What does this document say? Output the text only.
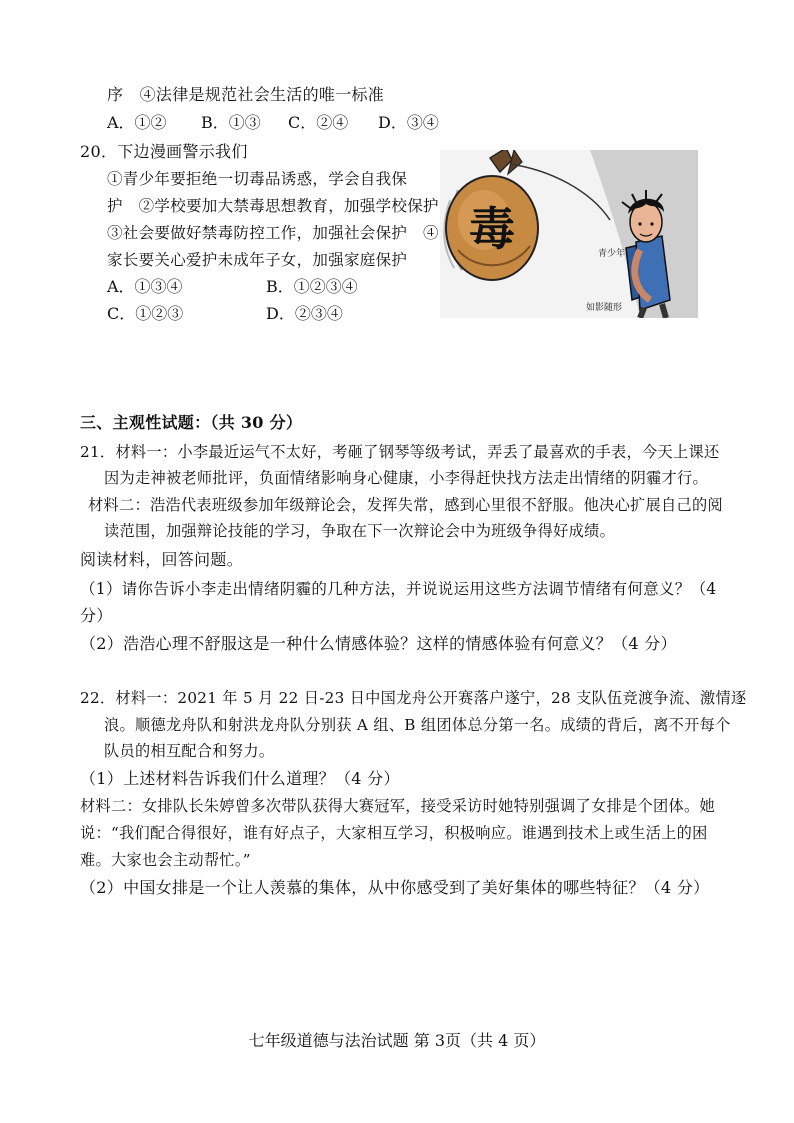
序　④法律是规范社会生活的唯一标准
A．①② B．①③ C．②④ D．③④
20．下边漫画警示我们
①青少年要拒绝一切毒品诱惑，学会自我保
护　②学校要加大禁毒思想教育，加强学校保护
③社会要做好禁毒防控工作，加强社会保护　④
家长要关心爱护未成年子女，加强家庭保护
A．①③④	B．①②③④
C．①②③	D．②③④
毒	青少年
如影随形
三、主观性试题：（共 30 分）
21．材料一：小李最近运气不太好，考砸了钢琴等级考试，弄丢了最喜欢的手表，今天上课还
因为走神被老师批评，负面情绪影响身心健康，小李得赶快找方法走出情绪的阴霾才行。
材料二：浩浩代表班级参加年级辩论会，发挥失常，感到心里很不舒服。他决心扩展自己的阅
读范围，加强辩论技能的学习，争取在下一次辩论会中为班级争得好成绩。
阅读材料，回答问题。
（1）请你告诉小李走出情绪阴霾的几种方法，并说说运用这些方法调节情绪有何意义？（4
分）
（2）浩浩心理不舒服这是一种什么情感体验？这样的情感体验有何意义？（4 分）
22．材料一：2021 年 5 月 22 日-23 日中国龙舟公开赛落户遂宁，28 支队伍竞渡争流、激情逐
浪。顺德龙舟队和射洪龙舟队分别获 A 组、B 组团体总分第一名。成绩的背后，离不开每个
队员的相互配合和努力。
（1）上述材料告诉我们什么道理？（4 分）
材料二：女排队长朱婷曾多次带队获得大赛冠军，接受采访时她特别强调了女排是个团体。她
说：“我们配合得很好，谁有好点子，大家相互学习，积极响应。谁遇到技术上或生活上的困
难。大家也会主动帮忙。”
（2）中国女排是一个让人羡慕的集体，从中你感受到了美好集体的哪些特征？（4 分）
七年级道德与法治试题 第 3页（共 4 页）
